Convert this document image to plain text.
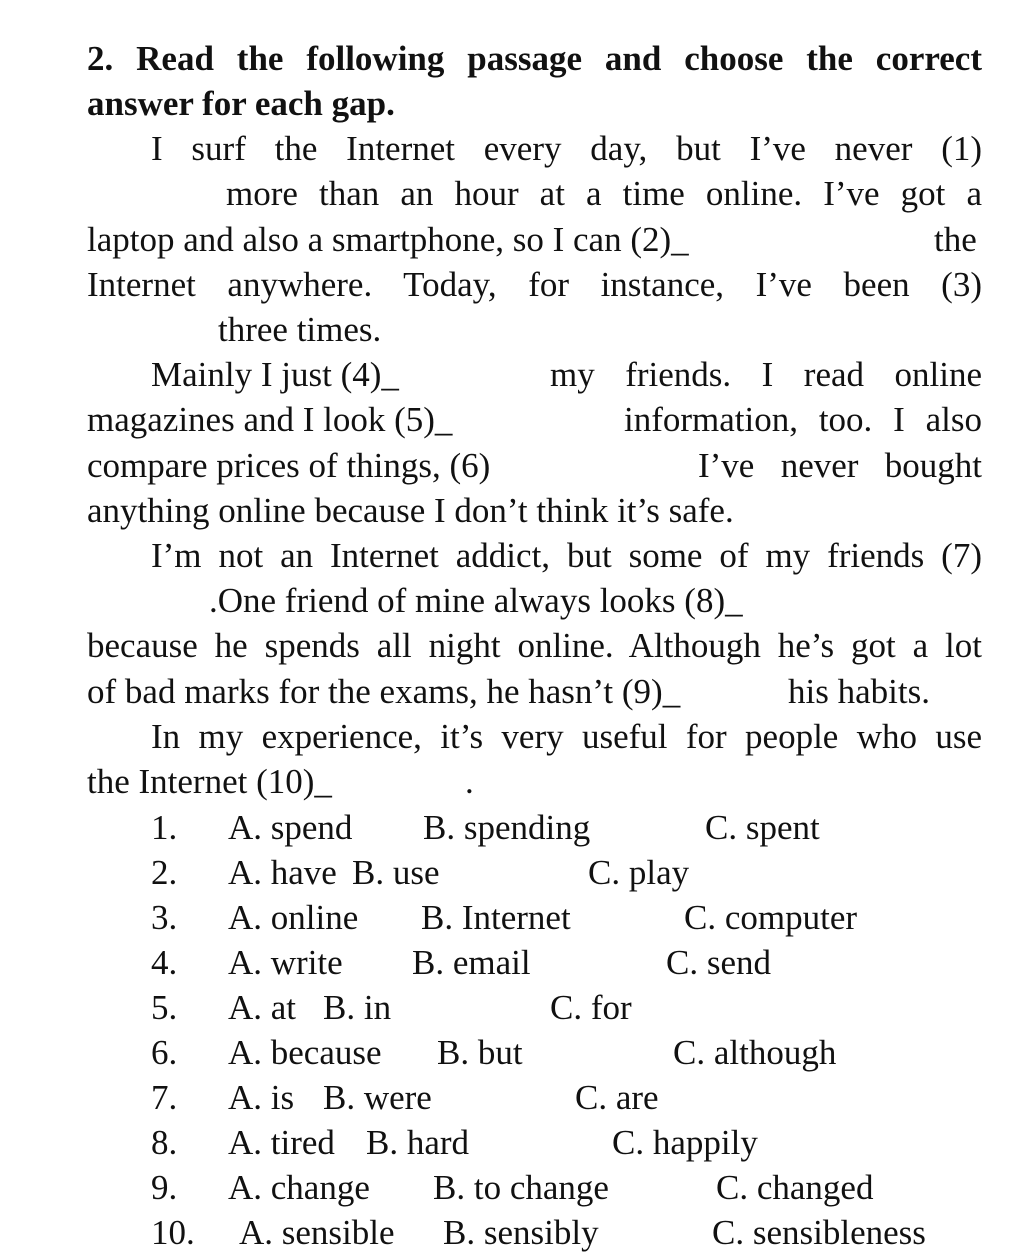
2. Read the following passage and choose the correct
answer for each gap.
I surf the Internet every day, but I’ve never (1)
more than an hour at a time online. I’ve got a
laptop and also a smartphone, so I can (2)_	the
Internet anywhere. Today, for instance, I’ve been (3)
three times.
Mainly I just (4)_	my friends. I read online
magazines and I look (5)_	information, too. I also
compare prices of things, (6)	I’ve never bought
anything online because I don’t think it’s safe.
I’m not an Internet addict, but some of my friends (7)
.One friend of mine always looks (8)_
because he spends all night online. Although he’s got a lot
of bad marks for the exams, he hasn’t (9)_	his habits.
In my experience, it’s very useful for people who use
the Internet (10)_	.
1. A. spend B. spending	C. spent
2. A. have B. use	C. play
3. A. online B. Internet	C. computer
4. A. write B. email	C. send
5. A. at B. in	C. for
6. A. because B. but	C. although
7. A. is B. were	C. are
8. A. tired B. hard	C. happily
9. A. change B. to change	C. changed
10. A. sensible B. sensibly	C. sensibleness
